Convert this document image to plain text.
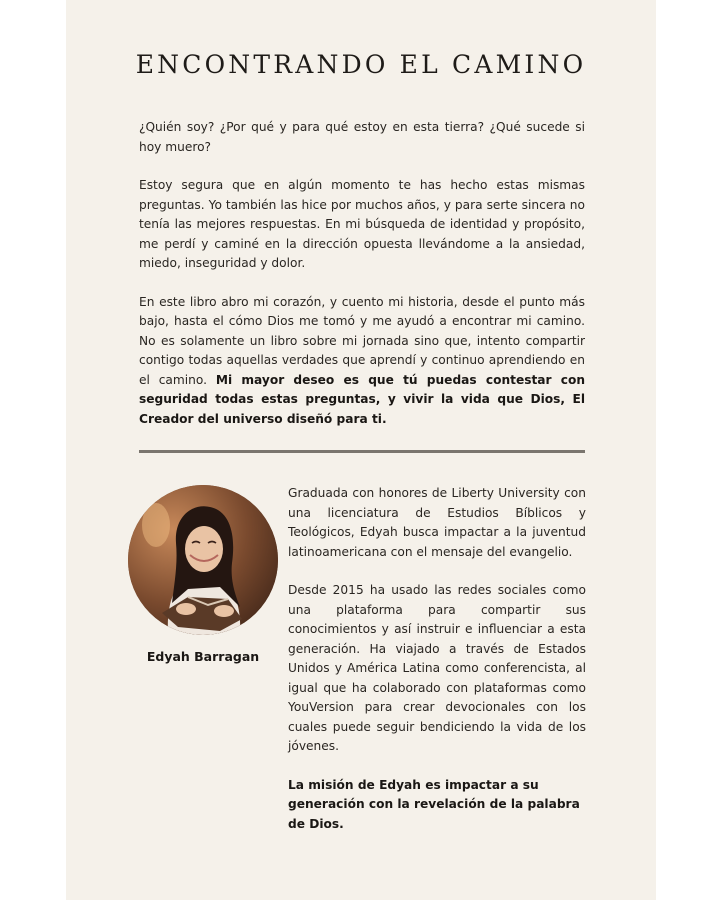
ENCONTRANDO EL CAMINO

¿Quién soy? ¿Por qué y para qué estoy en esta tierra? ¿Qué sucede si hoy muero?

Estoy segura que en algún momento te has hecho estas mismas preguntas. Yo también las hice por muchos años, y para serte sincera no tenía las mejores respuestas. En mi búsqueda de identidad y propósito, me perdí y caminé en la dirección opuesta llevándome a la ansiedad, miedo, inseguridad y dolor.

En este libro abro mi corazón, y cuento mi historia, desde el punto más bajo, hasta el cómo Dios me tomó y me ayudó a encontrar mi camino. No es solamente un libro sobre mi jornada sino que, intento compartir contigo todas aquellas verdades que aprendí y continuo aprendiendo en el camino. Mi mayor deseo es que tú puedas contestar con seguridad todas estas preguntas, y vivir la vida que Dios, El Creador del universo diseñó para ti.

Edyah Barragan

Graduada con honores de Liberty University con una licenciatura de Estudios Bíblicos y Teológicos, Edyah busca impactar a la juventud latinoamericana con el mensaje del evangelio.

Desde 2015 ha usado las redes sociales como una plataforma para compartir sus conocimientos y así instruir e influenciar a esta generación. Ha viajado a través de Estados Unidos y América Latina como conferencista, al igual que ha colaborado con plataformas como YouVersion para crear devocionales con los cuales puede seguir bendiciendo la vida de los jóvenes.

La misión de Edyah es impactar a su generación con la revelación de la palabra de Dios.
